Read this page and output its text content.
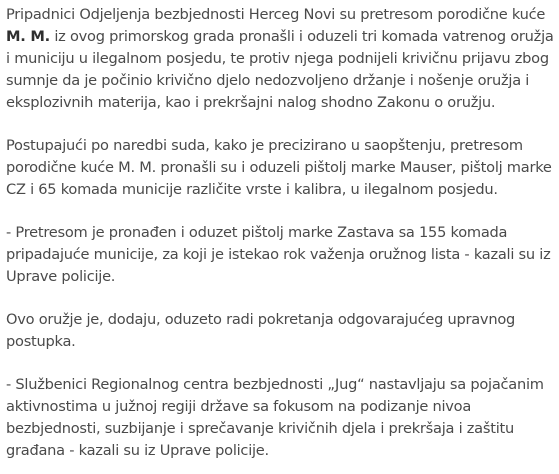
Pripadnici Odjeljenja bezbjednosti Herceg Novi su pretresom porodične kuće M. M. iz ovog primorskog grada pronašli i oduzeli tri komada vatrenog oružja i municiju u ilegalnom posjedu, te protiv njega podnijeli krivičnu prijavu zbog sumnje da je počinio krivično djelo nedozvoljeno držanje i nošenje oružja i eksplozivnih materija, kao i prekršajni nalog shodno Zakonu o oružju.

Postupajući po naredbi suda, kako je precizirano u saopštenju, pretresom porodične kuće M. M. pronašli su i oduzeli pištolj marke Mauser, pištolj marke CZ i 65 komada municije različite vrste i kalibra, u ilegalnom posjedu.

- Pretresom je pronađen i oduzet pištolj marke Zastava sa 155 komada pripadajuće municije, za koji je istekao rok važenja oružnog lista - kazali su iz Uprave policije.

Ovo oružje je, dodaju, oduzeto radi pokretanja odgovarajućeg upravnog postupka.

- Službenici Regionalnog centra bezbjednosti „Jug“ nastavljaju sa pojačanim aktivnostima u južnoj regiji države sa fokusom na podizanje nivoa bezbjednosti, suzbijanje i sprečavanje krivičnih djela i prekršaja i zaštitu građana - kazali su iz Uprave policije.
